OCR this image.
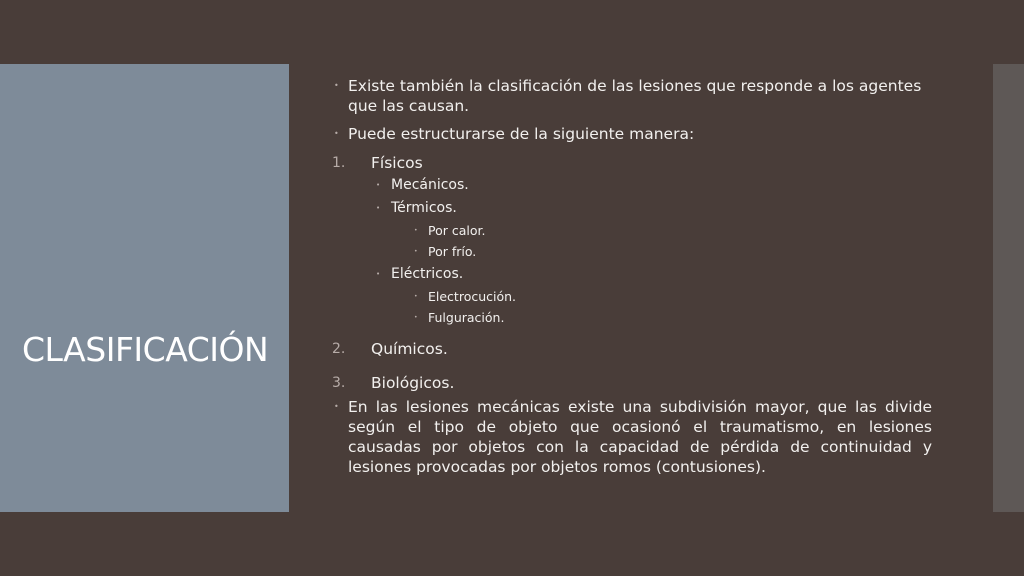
CLASIFICACIÓN
• Existe también la clasificación de las lesiones que responde a los agentes que las causan.
• Puede estructurarse de la siguiente manera:
1. Físicos
• Mecánicos.
• Térmicos.
• Por calor.
• Por frío.
• Eléctricos.
• Electrocución.
• Fulguración.
2. Químicos.
3. Biológicos.
• En las lesiones mecánicas existe una subdivisión mayor, que las divide según el tipo de objeto que ocasionó el traumatismo, en lesiones causadas por objetos con la capacidad de pérdida de continuidad y lesiones provocadas por objetos romos (contusiones).
